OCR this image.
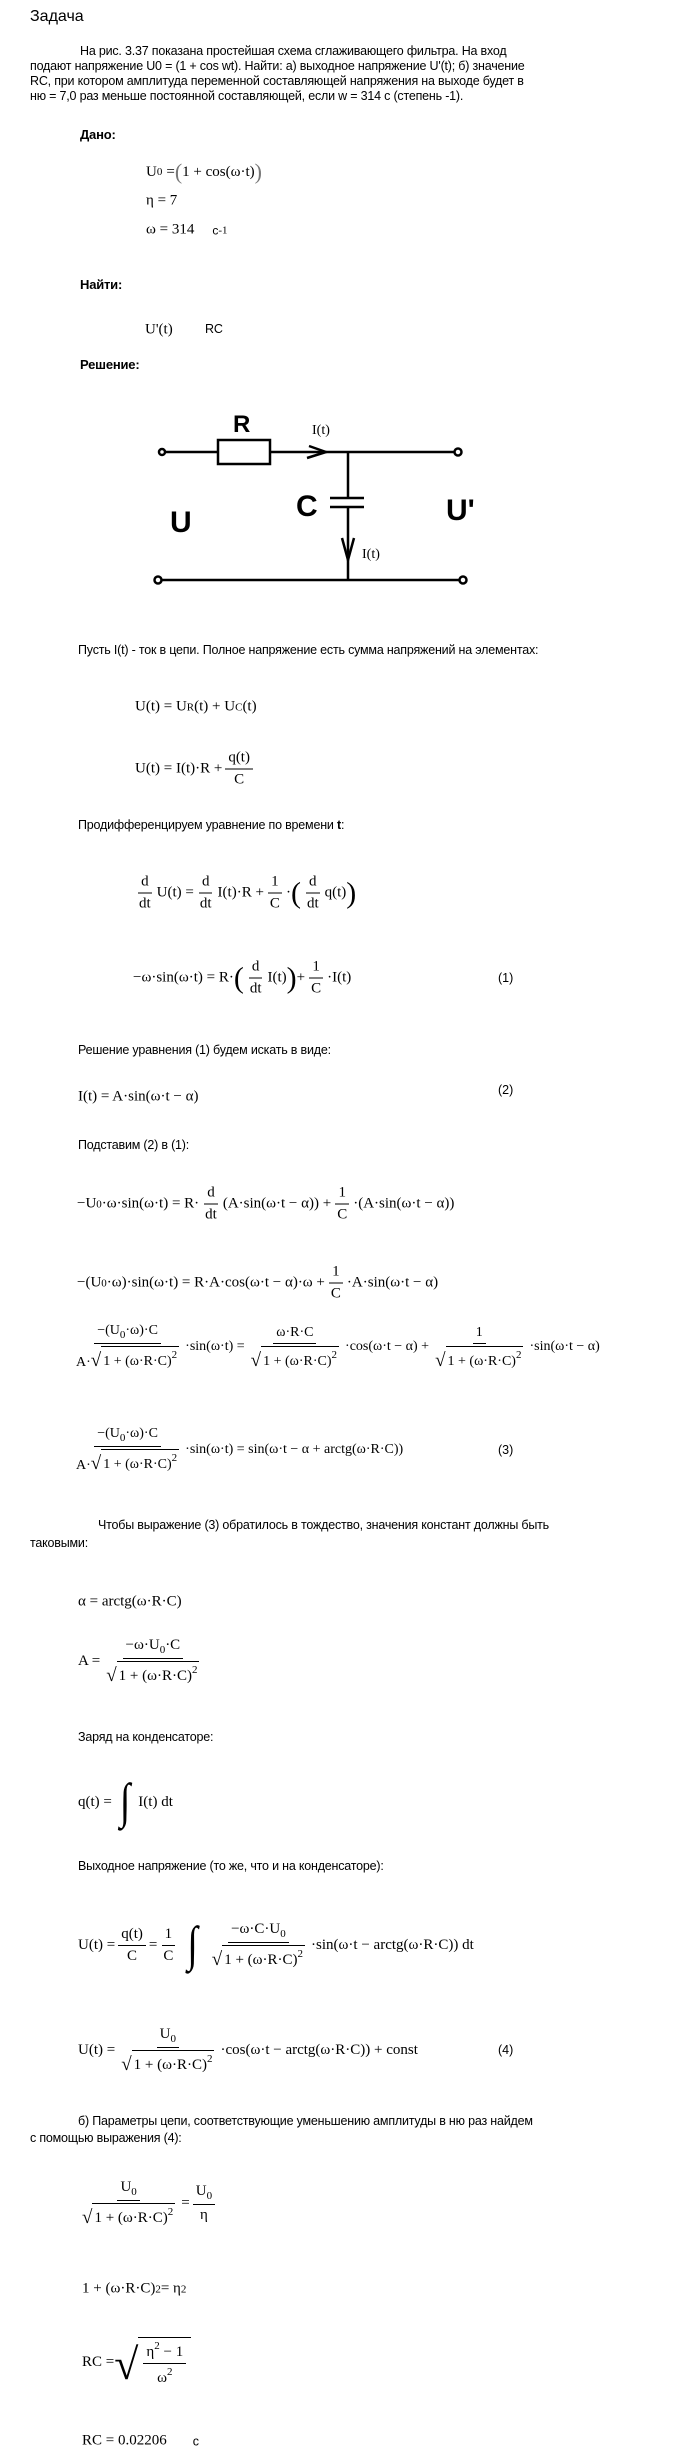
Задача
На рис. 3.37 показана простейшая схема сглаживающего фильтра. На вход
подают напряжение U0 = (1 + cos wt). Найти: а) выходное напряжение U'(t); б) значение
RC, при котором амплитуда переменной составляющей напряжения на выходе будет в
ню = 7,0 раз меньше постоянной составляющей, если w = 314 с (степень -1).
Дано:
U 0 = ( 1 + cos(ω·t) )
η = 7
ω = 314 c -1
Найти:
U'(t)	RC
Решение:
R
C
U	U'
I(t)
I(t)
Пусть I(t) - ток в цепи. Полное напряжение есть сумма напряжений на элементах:
U(t) = U R (t) + U C (t)
$U(t) = I(t)\cdot R + \frac{q(t)}{C}$
Продифференцируем уравнение по времени t:
d
dt
$U(t) = \frac{d}{dt} I(t)\cdot R + \frac{1}{C}$ · ( d
dt
q(t) )
−ω·sin(ω·t) = R· ( d
dt
I(t) ) + $\frac{1}{C} \cdot I(t)$	(1)
Решение уравнения (1) будем искать в виде:
I(t) = A·sin(ω·t − α)	(2)
Подставим (2) в (1):
−U 0 ·ω·sin(ω·t) = R·
d
dt
$(A\cdot\sin(\omega\cdot t - \alpha)) + \frac{1}{C} \cdot(A\cdot\sin(\omega\cdot t - \alpha))$
−(U $0 \cdot\omega)\cdot\sin(\omega\cdot t) = R\cdot A\cdot\cos(\omega\cdot t - \alpha)\cdot\omega + \frac{1}{C} \cdot A\cdot\sin(\omega\cdot t - \alpha)$
$-(U_0\cdot\omega)\cdot C$
A· √ $1 + (\omega\cdot R\cdot C)^2$
$\cdot\sin(\omega\cdot t) = \frac{\omega\cdot R\cdot C}{√ 1 + (\omega\cdot R\cdot C)^2} \cdot\cos(\omega\cdot t - \alpha) + \frac{1}{√ 1 + (\omega\cdot R\cdot C)^2} \cdot\sin(\omega\cdot t - \alpha)$
$-(U_0\cdot\omega)\cdot C$
A· √ $1 + (\omega\cdot R\cdot C)^2$
·sin(ω·t) = sin(ω·t − α + arctg(ω·R·C))	(3)
Чтобы выражение (3) обратилось в тождество, значения констант должны быть
таковыми:
α = arctg(ω·R·C)
$A = \frac{-\omega\cdot U_0\cdot C}{√ 1 + (\omega\cdot R\cdot C)^2}$
Заряд на конденсаторе:
q(t) = ∫ I(t) dt
Выходное напряжение (то же, что и на конденсаторе):
$U(t) = \frac{q(t)}{C} = \frac{1}{C}$ ∫ $-\omega\cdot C\cdot U_0$
√ $1 + (\omega\cdot R\cdot C)^2$
·sin(ω·t − arctg(ω·R·C)) dt
$U(t) = \frac{U_0}{√ 1 + (\omega\cdot R\cdot C)^2} \cdot\cos(\omega\cdot t$ − arctg(ω·R·C)) + const	(4)
б) Параметры цепи, соответствующие уменьшению амплитуды в ню раз найдем
с помощью выражения (4):
$\frac{U_0}{√ 1 + (\omega\cdot R\cdot C)^2} = \frac{U_0}{\eta}$
1 + (ω·R·C) 2 = η 2
RC = √ $\frac{\eta^2 - 1}{\omega^2}$
RC = 0.02206 c
